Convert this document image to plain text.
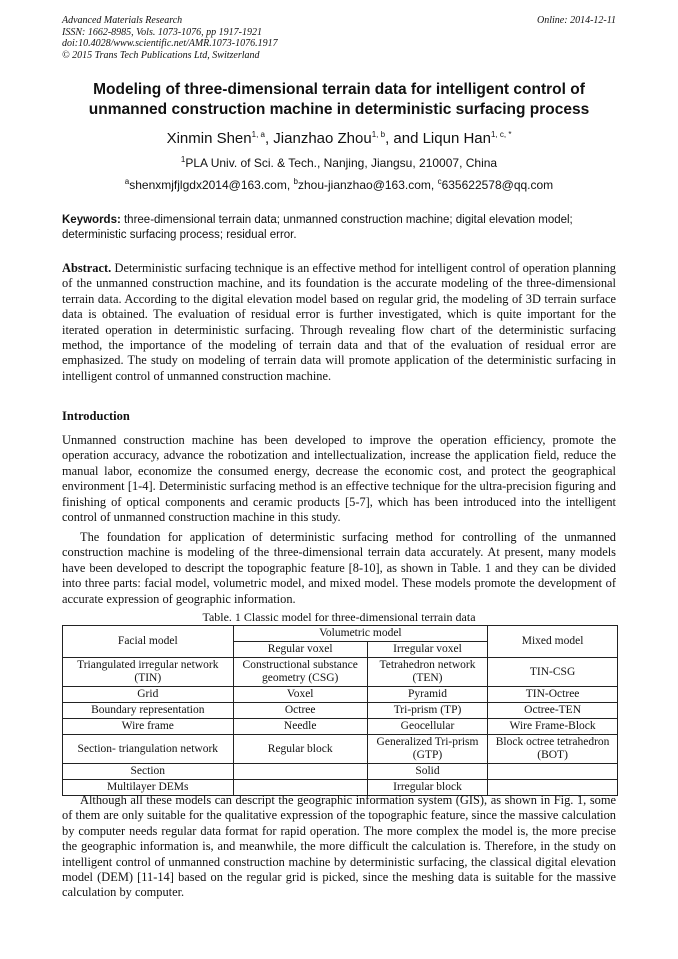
Advanced Materials Research
ISSN: 1662-8985, Vols. 1073-1076, pp 1917-1921
doi:10.4028/www.scientific.net/AMR.1073-1076.1917
© 2015 Trans Tech Publications Ltd, Switzerland
Online: 2014-12-11
Modeling of three-dimensional terrain data for intelligent control of
unmanned construction machine in deterministic surfacing process
Xinmin Shen$^{1, a}$, Jianzhao Zhou$^{1, b}$, and Liqun Han$^{1, c, *}$
$^1$PLA Univ. of Sci. & Tech., Nanjing, Jiangsu, 210007, China
$^a$shenxmjfjlgdx2014@163.com, $^b$zhou-jianzhao@163.com, $^c$635622578@qq.com
Keywords: three-dimensional terrain data; unmanned construction machine; digital elevation model; deterministic surfacing process; residual error.
Abstract. Deterministic surfacing technique is an effective method for intelligent control of operation planning of the unmanned construction machine, and its foundation is the accurate modeling of the three-dimensional terrain data. According to the digital elevation model based on regular grid, the modeling of 3D terrain surface data is obtained. The evaluation of residual error is further investigated, which is quite important for the iterated operation in deterministic surfacing. Through revealing flow chart of the deterministic surfacing method, the importance of the modeling of terrain data and that of the evaluation of residual error are emphasized. The study on modeling of terrain data will promote application of the deterministic surfacing in intelligent control of unmanned construction machine.
Introduction
Unmanned construction machine has been developed to improve the operation efficiency, promote the operation accuracy, advance the robotization and intellectualization, increase the application field, reduce the manual labor, economize the consumed energy, decrease the economic cost, and protect the geographical environment [1-4]. Deterministic surfacing method is an effective technique for the ultra-precision figuring and finishing of optical components and ceramic products [5-7], which has been introduced into the intelligent control of unmanned construction machine in this study.
The foundation for application of deterministic surfacing method for controlling of the unmanned construction machine is modeling of the three-dimensional terrain data accurately. At present, many models have been developed to descript the topographic feature [8-10], as shown in Table. 1 and they can be divided into three parts: facial model, volumetric model, and mixed model. These models promote the development of accurate expression of geographic information.
Table. 1 Classic model for three-dimensional terrain data
Facial model	Volumetric model		Mixed model
	Regular voxel	Irregular voxel	
Triangulated irregular network (TIN)	Constructional substance geometry (CSG)	Tetrahedron network (TEN)	TIN-CSG
Grid	Voxel	Pyramid	TIN-Octree
Boundary representation	Octree	Tri-prism (TP)	Octree-TEN
Wire frame	Needle	Geocellular	Wire Frame-Block
Section- triangulation network	Regular block	Generalized Tri-prism (GTP)	Block octree tetrahedron (BOT)
Section		Solid	
Multilayer DEMs		Irregular block	
Although all these models can descript the geographic information system (GIS), as shown in Fig. 1, some of them are only suitable for the qualitative expression of the topographic feature, since the massive calculation by computer needs regular data format for rapid operation. The more complex the model is, the more precise the geographic information is, and meanwhile, the more difficult the calculation is. Therefore, in the study on intelligent control of unmanned construction machine by deterministic surfacing, the classical digital elevation model (DEM) [11-14] based on the regular grid is picked, since the meshing data is suitable for the massive calculation by computer.
